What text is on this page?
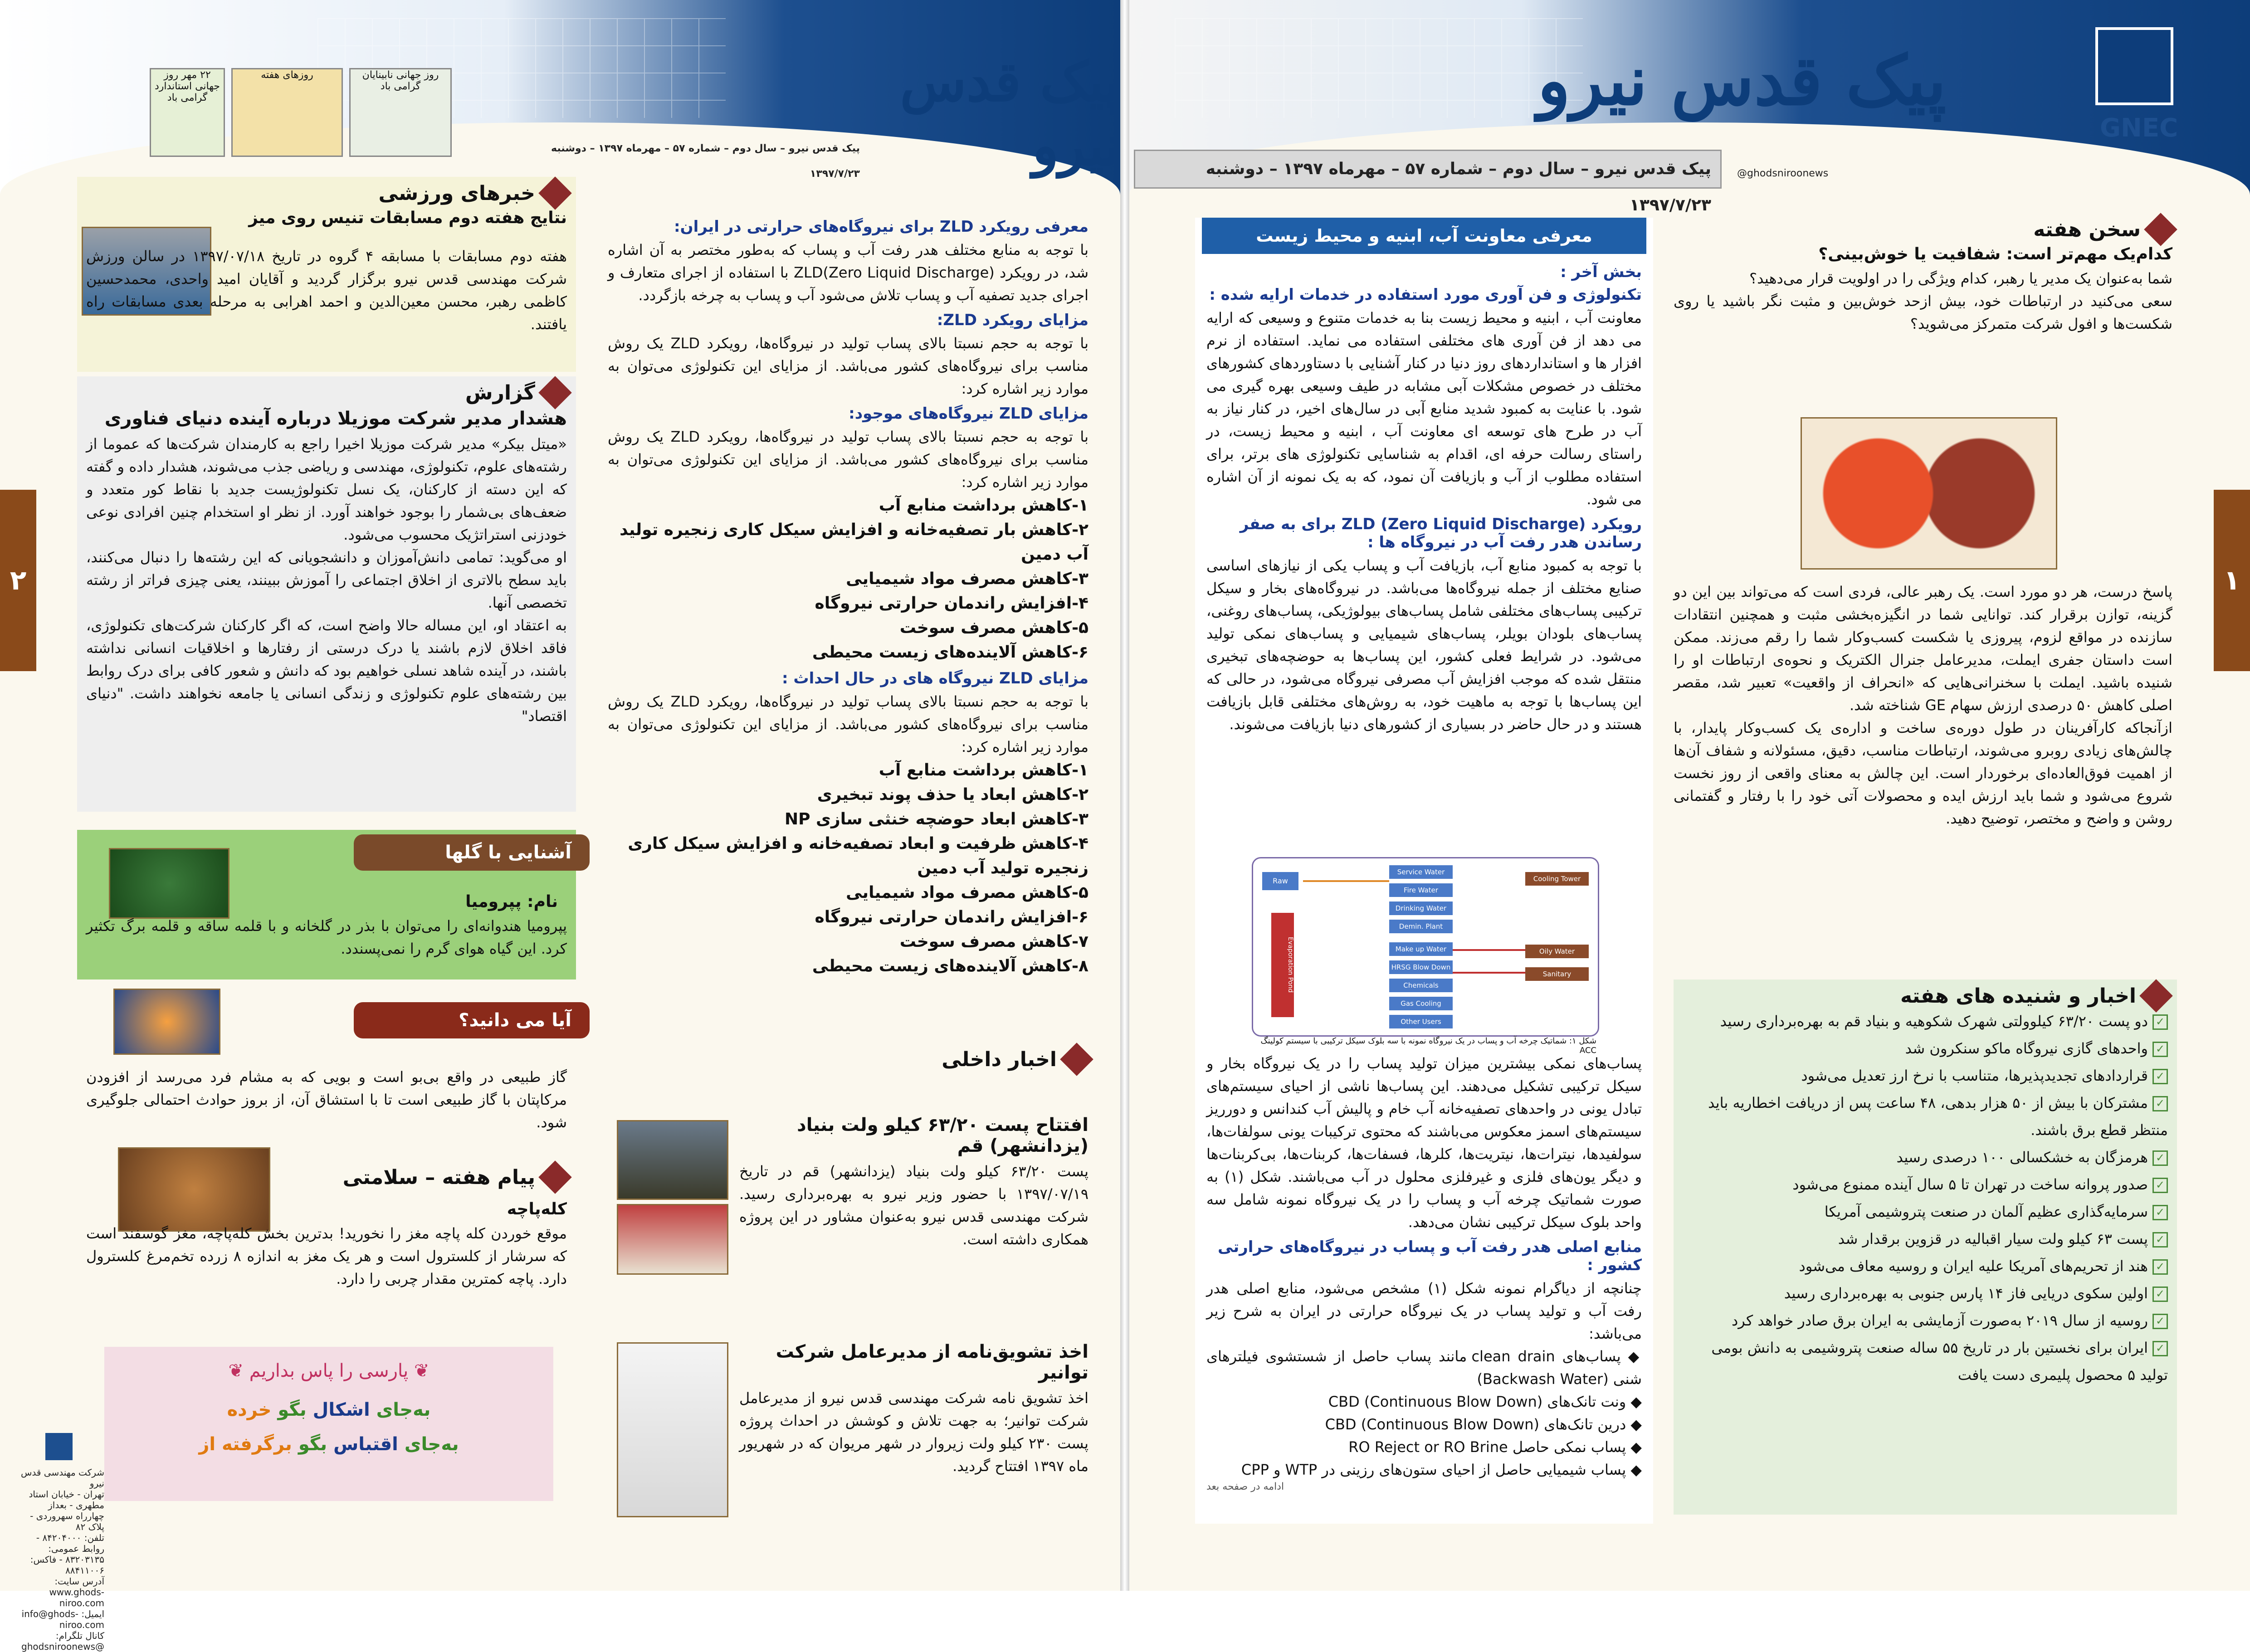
پیک قدس نیرو
پیک قدس نیرو – سال دوم – شماره ۵۷ – مهرماه ۱۳۹۷ – دوشنبه ۱۳۹۷/۷/۲۳
۲۲ مهر روز جهانی استاندارد گرامی باد
روزهای هفته	روز جهانی نابینایان گرامی باد
۲
معرفی رویکرد ZLD برای نیروگاه‌های حرارتی در ایران:
با توجه به منابع مختلف هدر رفت آب و پساب که به‌طور مختصر به آن اشاره شد، در رویکرد ZLD(Zero Liquid Discharge) با استفاده از اجرای متعارف و اجرای جدید تصفیه آب و پساب تلاش می‌شود آب و پساب به چرخه بازگردد.
مزایای رویکرد ZLD:
با توجه به حجم نسبتا بالای پساب تولید در نیروگاه‌ها، رویکرد ZLD یک روش مناسب برای نیروگاه‌های کشور می‌باشد. از مزایای این تکنولوژی می‌توان به موارد زیر اشاره کرد:
مزایای ZLD نیروگاه‌های موجود:
با توجه به حجم نسبتا بالای پساب تولید در نیروگاه‌ها، رویکرد ZLD یک روش مناسب برای نیروگاه‌های کشور می‌باشد. از مزایای این تکنولوژی می‌توان به موارد زیر اشاره کرد:
۱-کاهش برداشت منابع آب
۲-کاهش بار تصفیه‌خانه و افزایش سیکل کاری زنجیره تولید آب دمین
۳-کاهش مصرف مواد شیمیایی
۴-افزایش راندمان حرارتی نیروگاه
۵-کاهش مصرف سوخت
۶-کاهش آلاینده‌های زیست محیطی
مزایای ZLD نیروگاه های در حال احداث :
با توجه به حجم نسبتا بالای پساب تولید در نیروگاه‌ها، رویکرد ZLD یک روش مناسب برای نیروگاه‌های کشور می‌باشد. از مزایای این تکنولوژی می‌توان به موارد زیر اشاره کرد:
۱-کاهش برداشت منابع آب
۲-کاهش ابعاد یا حذف پوند تبخیری
۳-کاهش ابعاد حوضچه خنثی سازی NP
۴-کاهش ظرفیت و ابعاد تصفیه‌خانه و افزایش سیکل کاری زنجیره تولید آب دمین
۵-کاهش مصرف مواد شیمیایی
۶-افزایش راندمان حرارتی نیروگاه
۷-کاهش مصرف سوخت
۸-کاهش آلاینده‌های زیست محیطی
اخبار داخلی
افتتاح پست ۶۳/۲۰ کیلو ولت بنیاد (یزدانشهر) قم
پست ۶۳/۲۰ کیلو ولت بنیاد (یزدانشهر) قم در تاریخ ۱۳۹۷/۰۷/۱۹ با حضور وزیر نیرو به بهره‌برداری رسید. شرکت مهندسی قدس نیرو به‌عنوان مشاور در این پروژه همکاری داشته است.
اخذ تشویق‌نامه از مدیرعامل شرکت توانیر
اخذ تشویق نامه شرکت مهندسی قدس نیرو از مدیرعامل شرکت توانیر؛ به جهت تلاش و کوشش در احداث پروژه پست ۲۳۰ کیلو ولت زیروار در شهر مریوان که در شهریور ماه ۱۳۹۷ افتتاح گردید.
خبرهای ورزشی
نتایج هفته دوم مسابقات تنیس روی میز
هفته دوم مسابقات با مسابقه ۴ گروه در تاریخ ۱۳۹۷/۰۷/۱۸ در سالن ورزش شرکت مهندسی قدس نیرو برگزار گردید و آقایان امید واحدی، محمدحسین کاظمی رهبر، محسن معین‌الدین و احمد اهرابی به مرحله بعدی مسابقات راه یافتند.
گزارش
هشدار مدیر شرکت موزیلا درباره آینده دنیای فناوری
«میتل بیکر» مدیر شرکت موزیلا اخیرا راجع به کارمندان شرکت‌ها که عموما از رشته‌های علوم، تکنولوژی، مهندسی و ریاضی جذب می‌شوند، هشدار داده و گفته که این دسته از کارکنان، یک نسل تکنولوژیست جدید با نقاط کور متعدد و ضعف‌های بی‌شمار را بوجود خواهند آورد. از نظر او استخدام چنین افرادی نوعی خودزنی استراتژیک محسوب می‌شود.
او می‌گوید: تمامی دانش‌آموزان و دانشجویانی که این رشته‌ها را دنبال می‌کنند، باید سطح بالاتری از اخلاق اجتماعی را آموزش ببینند، یعنی چیزی فراتر از رشته تخصصی آنها.
به اعتقاد او، این مساله حالا واضح است، که اگر کارکنان شرکت‌های تکنولوژی، فاقد اخلاق لازم باشند یا درک درستی از رفتارها و اخلاقیات انسانی نداشته باشند، در آینده شاهد نسلی خواهیم بود که دانش و شعور کافی برای درک روابط بین رشته‌های علوم تکنولوژی و زندگی انسانی یا جامعه نخواهند داشت. "دنیای اقتصاد"
آشنایی با گلها
نام: پپرومیا
پپرومیا هندوانه‌ای را می‌توان با بذر در گلخانه و با قلمه ساقه و قلمه برگ تکثیر کرد. این گیاه هوای گرم را نمی‌پسندد.
آیا می دانید؟
گاز طبیعی در واقع بی‌بو است و بویی که به مشام فرد می‌رسد از افزودن مرکاپتان با گاز طبیعی است تا با استشاق آن، از بروز حوادث احتمالی جلوگیری شود.
پیام هفته – سلامتی
کله‌پاچه
موقع خوردن کله پاچه مغز را نخورید! بدترین بخش کله‌پاچه، مغز گوسفند است که سرشار از کلسترول است و هر یک مغز به اندازه ۸ زرده تخم‌مرغ کلسترول دارد. پاچه کمترین مقدار چربی را دارد.
❦ پارسی را پاس بداریم ❦
به‌جای اشکال بگو خرده
به‌جای اقتباس بگو برگرفته از
شرکت مهندسی قدس نیرو
تهران - خیابان استاد مطهری - بعداز چهارراه سهروردی - پلاک ۸۲
تلفن: ۸۴۲۰۴۰۰۰ - روابط عمومی: ۸۳۲۰۳۱۳۵ - فاکس: ۸۸۴۱۱۰۰۶
آدرس سایت: www.ghods-niroo.com
ایمیل: info@ghods-niroo.com
کانال تلگرام: @ghodsniroonews
پیک قدس نیرو
GNEC
پیک قدس نیرو – سال دوم – شماره ۵۷ – مهرماه ۱۳۹۷ – دوشنبه ۱۳۹۷/۷/۲۳
@ghodsniroonews
۱
سخن هفته
کدام‌یک مهم‌تر است: شفافیت یا خوش‌بینی؟
شما به‌عنوان یک مدیر یا رهبر، کدام ویژگی را در اولویت قرار می‌دهید؟
سعی می‌کنید در ارتباطات خود، بیش ازحد خوش‌بین و مثبت نگر باشید یا روی شکست‌ها و افول شرکت متمرکز می‌شوید؟
پاسخ درست، هر دو مورد است. یک رهبر عالی، فردی است که می‌تواند بین این دو گزینه، توازن برقرار کند. توانایی شما در انگیزه‌بخشی مثبت و همچنین انتقادات سازنده در مواقع لزوم، پیروزی یا شکست کسب‌وکار شما را رقم می‌زند. ممکن است داستان جفری ایملت، مدیرعامل جنرال الکتریک و نحوه‌ی ارتباطات او را شنیده باشید. ایملت با سخنرانی‌هایی که «انحراف از واقعیت» تعبیر شد، مقصر اصلی کاهش ۵۰ درصدی ارزش سهام GE شناخته شد.
ازآنجاکه کارآفرینان در طول دوره‌ی ساخت و اداره‌ی یک کسب‌وکار پایدار، با چالش‌های زیادی روبرو می‌شوند، ارتباطات مناسب، دقیق، مسئولانه و شفاف آن‌ها از اهمیت فوق‌العاده‌ای برخوردار است. این چالش به معنای واقعی از روز نخست شروع می‌شود و شما باید ارزش ایده و محصولات آتی خود را با رفتار و گفتمانی روشن و واضح و مختصر، توضیح دهید.
اخبار و شنیده های هفته
✓دو پست ۶۳/۲۰ کیلوولتی شهرک شکوهیه و بنیاد قم به بهره‌برداری رسید
✓واحدهای گازی نیروگاه ماکو سنکرون شد
✓قراردادهای تجدیدپذیرها، متناسب با نرخ ارز تعدیل می‌شود
✓مشترکان با بیش از ۵۰ هزار بدهی، ۴۸ ساعت پس از دریافت اخطاریه باید منتظر قطع برق باشند.
✓هرمزگان به خشکسالی ۱۰۰ درصدی رسید
✓صدور پروانه ساخت در تهران تا ۵ سال آینده ممنوع می‌شود
✓سرمایه‌گذاری عظیم آلمان در صنعت پتروشیمی آمریکا
✓پست ۶۳ کیلو ولت سیار اقبالیه در قزوین برقدار شد
✓هند از تحریم‌های آمریکا علیه ایران و روسیه معاف می‌شود
✓اولین سکوی دریایی فاز ۱۴ پارس جنوبی به بهره‌برداری رسید
✓روسیه از سال ۲۰۱۹ به‌صورت آزمایشی به ایران برق صادر خواهد کرد
✓ایران برای نخستین بار در تاریخ ۵۵ ساله صنعت پتروشیمی به دانش بومی تولید ۵ محصول پلیمری دست یافت
معرفی معاونت آب، ابنیه و محیط زیست
بخش آخر :
تکنولوژی و فن آوری مورد استفاده در خدمات ارایه شده :
معاونت آب ، ابنیه و محیط زیست بنا به خدمات متنوع و وسیعی که ارایه می دهد از فن آوری های مختلفی استفاده می نماید. استفاده از نرم افزار ها و استانداردهای روز دنیا در کنار آشنایی با دستاوردهای کشورهای مختلف در خصوص مشکلات آبی مشابه در طیف وسیعی بهره گیری می شود. با عنایت به کمبود شدید منابع آبی در سال‌های اخیر، در کنار نیاز به آب در طرح های توسعه ای معاونت آب ، ابنیه و محیط زیست، در راستای رسالت حرفه ای، اقدام به شناسایی تکنولوژی های برتر، برای استفاده مطلوب از آب و بازیافت آن نمود، که به یک نمونه از آن اشاره می شود.
رویکرد ZLD (Zero Liquid Discharge) برای به صفر رساندن هدر رفت آب در نیروگاه ها :
با توجه به کمبود منابع آب، بازیافت آب و پساب یکی از نیازهای اساسی صنایع مختلف از جمله نیروگاه‌ها می‌باشد. در نیروگاه‌های بخار و سیکل ترکیبی پساب‌های مختلفی شامل پساب‌های بیولوژیکی، پساب‌های روغنی، پساب‌های بلودان بویلر، پساب‌های شیمیایی و پساب‌های نمکی تولید می‌شود. در شرایط فعلی کشور، این پساب‌ها به حوضچه‌های تبخیری منتقل شده که موجب افزایش آب مصرفی نیروگاه می‌شود، در حالی که این پساب‌ها با توجه به ماهیت خود، به روش‌های مختلفی قابل بازیافت هستند و در حال حاضر در بسیاری از کشورهای دنیا بازیافت می‌شوند.
Raw Water
Service Water
Fire Water
Drinking Water
Demin. Plant
Make up Water
HRSG Blow Down
Chemicals
Gas Cooling
Other Users
Oily Water
Sanitary Wastewater
Cooling Tower
Evaporation Pond
شکل ۱: شماتیک چرخه آب و پساب در یک نیروگاه نمونه با سه بلوک سیکل ترکیبی با سیستم کولینگ ACC
پساب‌های نمکی بیشترین میزان تولید پساب را در یک نیروگاه بخار و سیکل ترکیبی تشکیل می‌دهند. این پساب‌ها ناشی از احیای سیستم‌های تبادل یونی در واحدهای تصفیه‌خانه آب خام و پالیش آب کندانس و دورریز سیستم‌های اسمز معکوس می‌باشند که محتوی ترکیبات یونی سولفات‌ها، سولفیدها، نیترات‌ها، نیتریت‌ها، کلرها، فسفات‌ها، کربنات‌ها، بی‌کربنات‌ها و دیگر یون‌های فلزی و غیرفلزی محلول در آب می‌باشند. شکل (۱) به صورت شماتیک چرخه آب و پساب را در یک نیروگاه نمونه شامل سه واحد بلوک سیکل ترکیبی نشان می‌دهد.
منابع اصلی هدر رفت آب و پساب در نیروگاه‌های حرارتی کشور :
چنانچه از دیاگرام نمونه شکل (۱) مشخص می‌شود، منابع اصلی هدر رفت آب و تولید پساب در یک نیروگاه حرارتی در ایران به شرح زیر می‌باشد:
◆ پساب‌های clean drain مانند پساب حاصل از شستشوی فیلترهای شنی (Backwash Water)
◆ ونت تانک‌های CBD (Continuous Blow Down)
◆ درین تانک‌های CBD (Continuous Blow Down)
◆ پساب نمکی حاصل RO Reject or RO Brine
◆ پساب شیمیایی حاصل از احیای ستون‌های رزینی در WTP و CPP
ادامه در صفحه بعد
